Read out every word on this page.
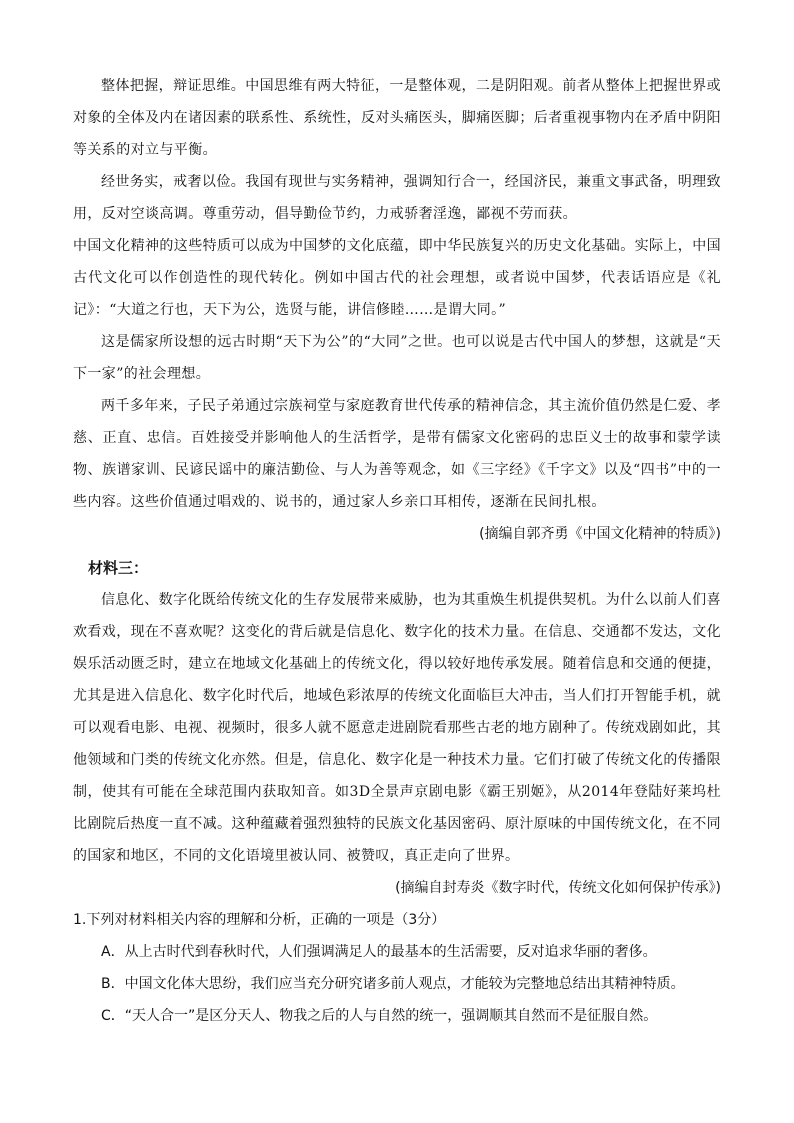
整体把握，辩证思维。中国思维有两大特征，一是整体观，二是阴阳观。前者从整体上把握世界或对象的全体及内在诸因素的联系性、系统性，反对头痛医头，脚痛医脚；后者重视事物内在矛盾中阴阳等关系的对立与平衡。

经世务实，戒奢以俭。我国有现世与实务精神，强调知行合一，经国济民，兼重文事武备，明理致用，反对空谈高调。尊重劳动，倡导勤俭节约，力戒骄奢淫逸，鄙视不劳而获。

中国文化精神的这些特质可以成为中国梦的文化底蕴，即中华民族复兴的历史文化基础。实际上，中国古代文化可以作创造性的现代转化。例如中国古代的社会理想，或者说中国梦，代表话语应是《礼记》：“大道之行也，天下为公，选贤与能，讲信修睦……是谓大同。”

这是儒家所设想的远古时期“天下为公”的“大同”之世。也可以说是古代中国人的梦想，这就是“天下一家”的社会理想。

两千多年来，子民子弟通过宗族祠堂与家庭教育世代传承的精神信念，其主流价值仍然是仁爱、孝慈、正直、忠信。百姓接受并影响他人的生活哲学，是带有儒家文化密码的忠臣义士的故事和蒙学读物、族谱家训、民谚民谣中的廉洁勤俭、与人为善等观念，如《三字经》《千字文》以及“四书”中的一些内容。这些价值通过唱戏的、说书的，通过家人乡亲口耳相传，逐渐在民间扎根。

(摘编自郭齐勇《中国文化精神的特质》)

材料三：

信息化、数字化既给传统文化的生存发展带来威胁，也为其重焕生机提供契机。为什么以前人们喜欢看戏，现在不喜欢呢？这变化的背后就是信息化、数字化的技术力量。在信息、交通都不发达，文化娱乐活动匮乏时，建立在地域文化基础上的传统文化，得以较好地传承发展。随着信息和交通的便捷，尤其是进入信息化、数字化时代后，地域色彩浓厚的传统文化面临巨大冲击，当人们打开智能手机，就可以观看电影、电视、视频时，很多人就不愿意走进剧院看那些古老的地方剧种了。传统戏剧如此，其他领域和门类的传统文化亦然。但是，信息化、数字化是一种技术力量。它们打破了传统文化的传播限制，使其有可能在全球范围内获取知音。如3D全景声京剧电影《霸王别姬》，从2014年登陆好莱坞杜比剧院后热度一直不减。这种蕴藏着强烈独特的民族文化基因密码、原汁原味的中国传统文化，在不同的国家和地区，不同的文化语境里被认同、被赞叹，真正走向了世界。

(摘编自封寿炎《数字时代，传统文化如何保护传承》)

1.下列对材料相关内容的理解和分析，正确的一项是（3分）

A．从上古时代到春秋时代，人们强调满足人的最基本的生活需要，反对追求华丽的奢侈。

B．中国文化体大思纷，我们应当充分研究诸多前人观点，才能较为完整地总结出其精神特质。

C．“天人合一”是区分天人、物我之后的人与自然的统一，强调顺其自然而不是征服自然。
